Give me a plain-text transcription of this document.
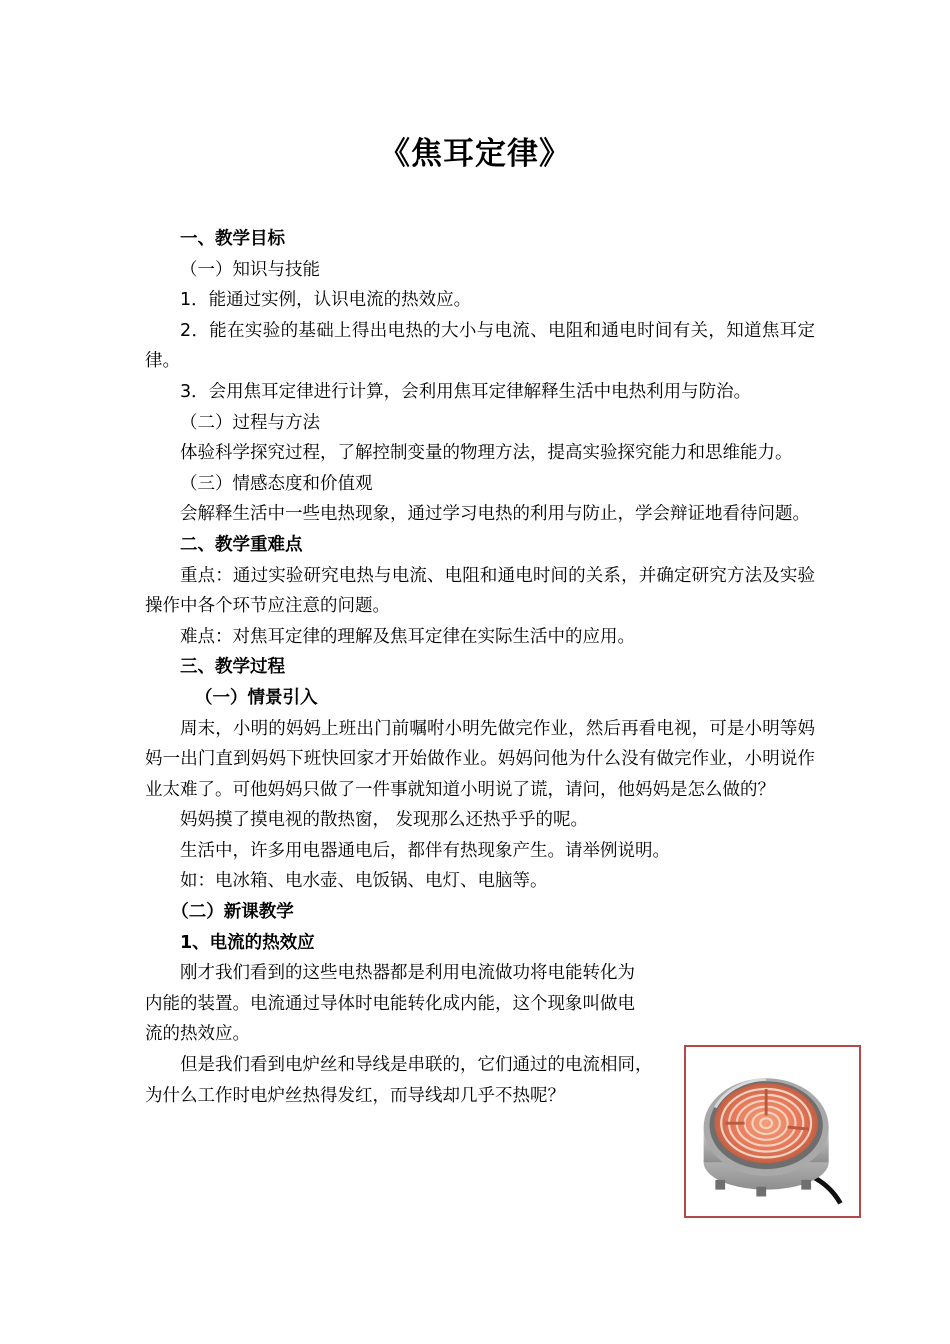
《焦耳定律》

一、教学目标

（一）知识与技能

1．能通过实例，认识电流的热效应。

2．能在实验的基础上得出电热的大小与电流、电阻和通电时间有关，知道焦耳定律。

3．会用焦耳定律进行计算，会利用焦耳定律解释生活中电热利用与防治。

（二）过程与方法

体验科学探究过程，了解控制变量的物理方法，提高实验探究能力和思维能力。

（三）情感态度和价值观

会解释生活中一些电热现象，通过学习电热的利用与防止，学会辩证地看待问题。

二、教学重难点

重点：通过实验研究电热与电流、电阻和通电时间的关系，并确定研究方法及实验操作中各个环节应注意的问题。

难点：对焦耳定律的理解及焦耳定律在实际生活中的应用。

三、教学过程

（一）情景引入

周末，小明的妈妈上班出门前嘱咐小明先做完作业，然后再看电视，可是小明等妈妈一出门直到妈妈下班快回家才开始做作业。妈妈问他为什么没有做完作业，小明说作业太难了。可他妈妈只做了一件事就知道小明说了谎，请问，他妈妈是怎么做的？

妈妈摸了摸电视的散热窗， 发现那么还热乎乎的呢。

生活中，许多用电器通电后，都伴有热现象产生。请举例说明。

如：电冰箱、电水壶、电饭锅、电灯、电脑等。

（二）新课教学

1、电流的热效应

刚才我们看到的这些电热器都是利用电流做功将电能转化为

内能的装置。电流通过导体时电能转化成内能，这个现象叫做电

流的热效应。

但是我们看到电炉丝和导线是串联的，它们通过的电流相同，

为什么工作时电炉丝热得发红，而导线却几乎不热呢？
